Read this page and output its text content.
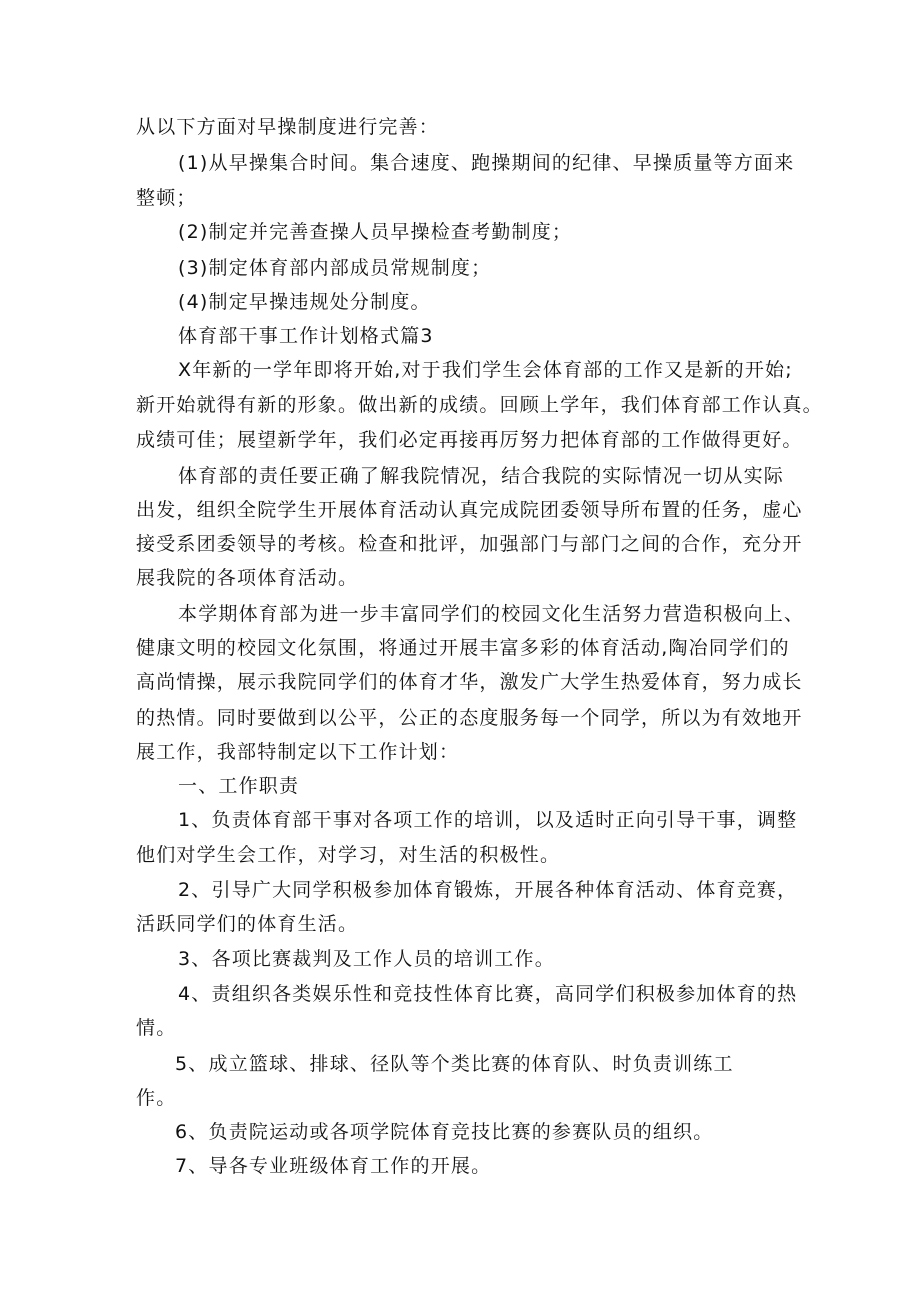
从以下方面对早操制度进行完善：
(1)从早操集合时间。集合速度、跑操期间的纪律、早操质量等方面来
整顿；
(2)制定并完善查操人员早操检查考勤制度；
(3)制定体育部内部成员常规制度；
(4)制定早操违规处分制度。
体育部干事工作计划格式篇3
X年新的一学年即将开始,对于我们学生会体育部的工作又是新的开始;
新开始就得有新的形象。做出新的成绩。回顾上学年，我们体育部工作认真。
成绩可佳；展望新学年，我们必定再接再厉努力把体育部的工作做得更好。
体育部的责任要正确了解我院情况，结合我院的实际情况一切从实际
出发，组织全院学生开展体育活动认真完成院团委领导所布置的任务，虚心
接受系团委领导的考核。检查和批评，加强部门与部门之间的合作，充分开
展我院的各项体育活动。
本学期体育部为进一步丰富同学们的校园文化生活努力营造积极向上、
健康文明的校园文化氛围，将通过开展丰富多彩的体育活动,陶冶同学们的
高尚情操，展示我院同学们的体育才华，激发广大学生热爱体育，努力成长
的热情。同时要做到以公平，公正的态度服务每一个同学，所以为有效地开
展工作，我部特制定以下工作计划：
一、工作职责
1、负责体育部干事对各项工作的培训，以及适时正向引导干事，调整
他们对学生会工作，对学习，对生活的积极性。
2、引导广大同学积极参加体育锻炼，开展各种体育活动、体育竞赛，
活跃同学们的体育生活。
3、各项比赛裁判及工作人员的培训工作。
4、责组织各类娱乐性和竞技性体育比赛，高同学们积极参加体育的热
情。
5、成立篮球、排球、径队等个类比赛的体育队、时负责训练工
作。
6、负责院运动或各项学院体育竞技比赛的参赛队员的组织。
7、导各专业班级体育工作的开展。
